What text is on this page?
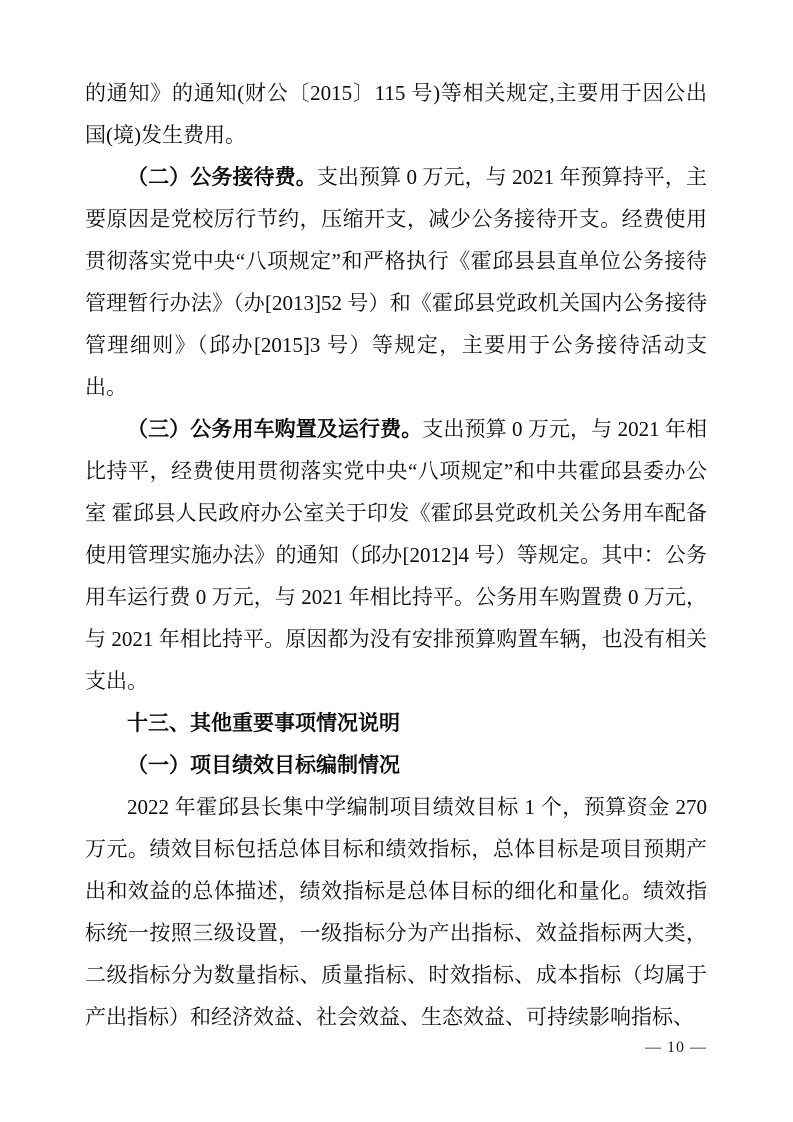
的通知》的通知(财公〔2015〕115 号)等相关规定,主要用于因公出国(境)发生费用。

（二）公务接待费。支出预算 0 万元，与 2021 年预算持平，主要原因是党校厉行节约，压缩开支，减少公务接待开支。经费使用贯彻落实党中央“八项规定”和严格执行《霍邱县县直单位公务接待管理暂行办法》（办[2013]52 号）和《霍邱县党政机关国内公务接待管理细则》（邱办[2015]3 号）等规定，主要用于公务接待活动支出。

（三）公务用车购置及运行费。支出预算 0 万元，与 2021 年相比持平，经费使用贯彻落实党中央“八项规定”和中共霍邱县委办公室 霍邱县人民政府办公室关于印发《霍邱县党政机关公务用车配备使用管理实施办法》的通知（邱办[2012]4 号）等规定。其中：公务用车运行费 0 万元，与 2021 年相比持平。公务用车购置费 0 万元，与 2021 年相比持平。原因都为没有安排预算购置车辆，也没有相关支出。

十三、其他重要事项情况说明
（一）项目绩效目标编制情况

2022 年霍邱县长集中学编制项目绩效目标 1 个，预算资金 270 万元。绩效目标包括总体目标和绩效指标，总体目标是项目预期产出和效益的总体描述，绩效指标是总体目标的细化和量化。绩效指标统一按照三级设置，一级指标分为产出指标、效益指标两大类，二级指标分为数量指标、质量指标、时效指标、成本指标（均属于产出指标）和经济效益、社会效益、生态效益、可持续影响指标、

— 10 —
